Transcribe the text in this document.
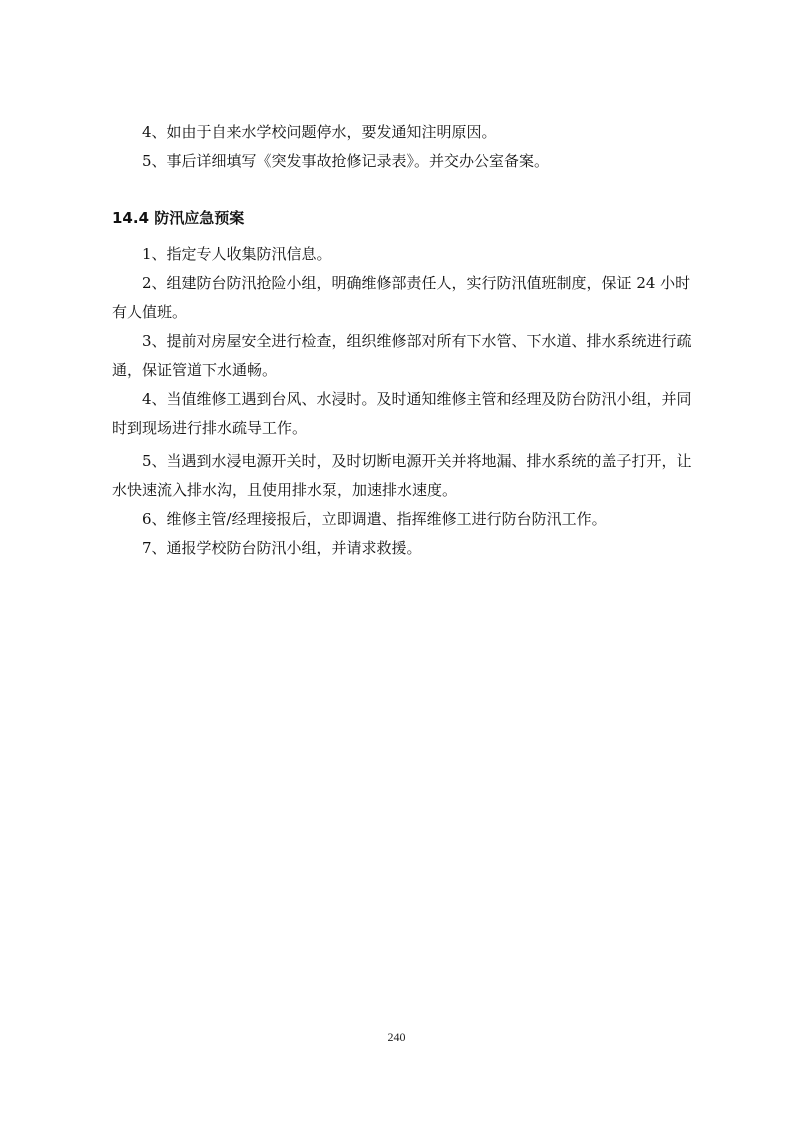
4、如由于自来水学校问题停水，要发通知注明原因。

5、事后详细填写《突发事故抢修记录表》。并交办公室备案。

14.4 防汛应急预案

1、指定专人收集防汛信息。

2、组建防台防汛抢险小组，明确维修部责任人，实行防汛值班制度，保证 24 小时有人值班。

3、提前对房屋安全进行检查，组织维修部对所有下水管、下水道、排水系统进行疏通，保证管道下水通畅。

4、当值维修工遇到台风、水浸时。及时通知维修主管和经理及防台防汛小组，并同时到现场进行排水疏导工作。

5、当遇到水浸电源开关时，及时切断电源开关并将地漏、排水系统的盖子打开，让水快速流入排水沟，且使用排水泵，加速排水速度。

6、维修主管/经理接报后，立即调遣、指挥维修工进行防台防汛工作。

7、通报学校防台防汛小组，并请求救援。

240
